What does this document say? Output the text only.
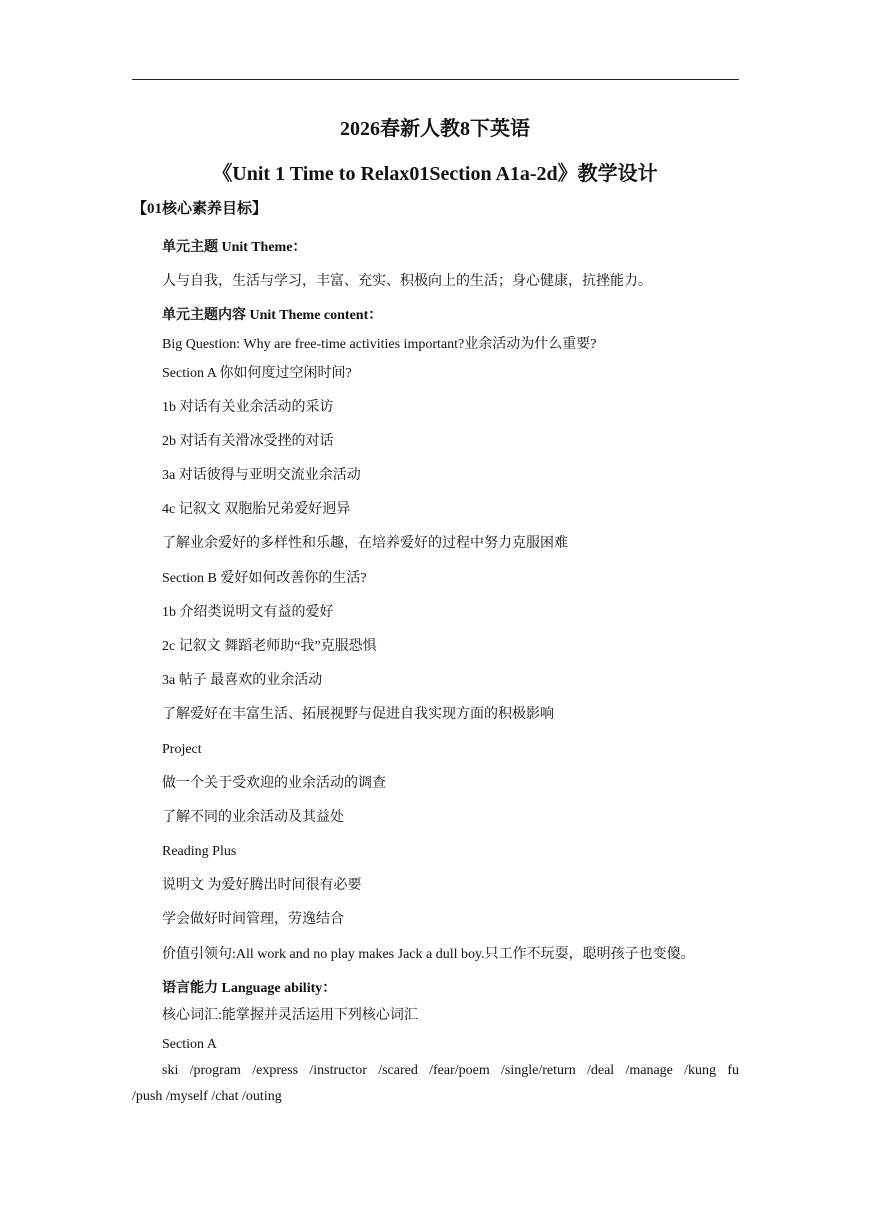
2026春新人教8下英语
《Unit 1 Time to Relax01Section A1a-2d》教学设计
【01核心素养目标】
单元主题 Unit Theme：
人与自我，生活与学习，丰富、充实、积极向上的生活；身心健康，抗挫能力。
单元主题内容 Unit Theme content：
Big Question: Why are free-time activities important?业余活动为什么重要?
Section A 你如何度过空闲时间?
1b 对话有关业余活动的采访
2b 对话有关滑冰受挫的对话
3a 对话彼得与亚明交流业余活动
4c 记叙文 双胞胎兄弟爱好迥异
了解业余爱好的多样性和乐趣，在培养爱好的过程中努力克服困难
Section B 爱好如何改善你的生活?
1b 介绍类说明文有益的爱好
2c 记叙文 舞蹈老师助“我”克服恐惧
3a 帖子 最喜欢的业余活动
了解爱好在丰富生活、拓展视野与促进自我实现方面的积极影响
Project
做一个关于受欢迎的业余活动的调查
了解不同的业余活动及其益处
Reading Plus
说明文 为爱好腾出时间很有必要
学会做好时间管理，劳逸结合
价值引领句:All work and no play makes Jack a dull boy.只工作不玩耍，聪明孩子也变傻。
语言能力 Language ability：
核心词汇:能掌握并灵活运用下列核心词汇
Section A
ski /program /express /instructor /scared /fear/poem /single/return /deal /manage /kung fu
/push /myself /chat /outing
